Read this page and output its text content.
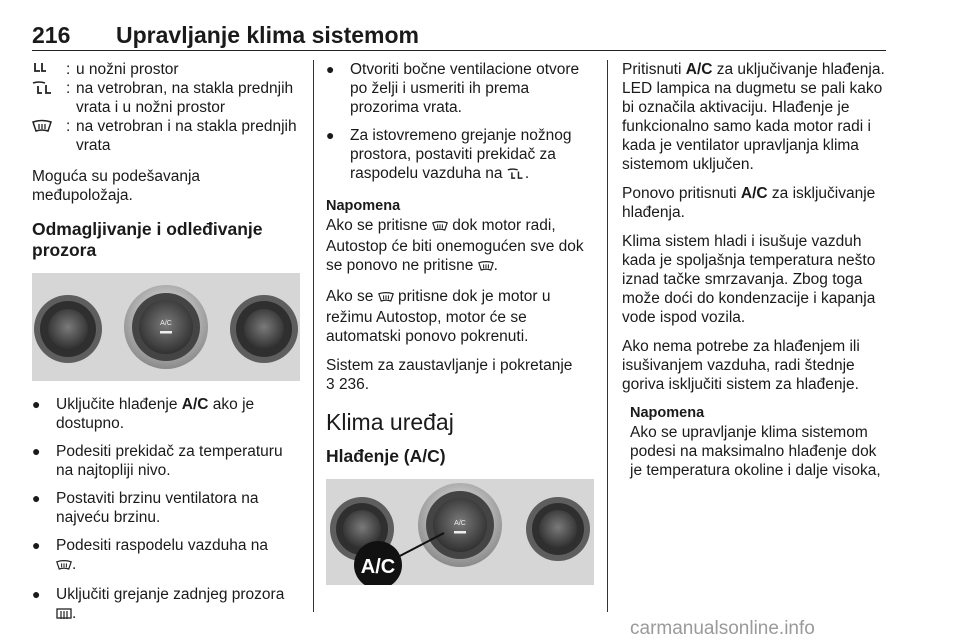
216 Upravljanje klima sistemom
: u nožni prostor
: na vetrobran, na stakla prednjih vrata i u nožni prostor
: na vetrobran i na stakla prednjih vrata

Moguća su podešavanja međupoložaja.

Odmagljivanje i odleđivanje prozora
A/C
●	Uključite hlađenje A/C ako je dostupno.
●	Podesiti prekidač za temperaturu na najtopliji nivo.
●	Postaviti brzinu ventilatora na najveću brzinu.
●	Podesiti raspodelu vazduha na
.
●	Uključiti grejanje zadnjeg prozora .
●	Otvoriti bočne ventilacione otvore po želji i usmeriti ih prema prozorima vrata.
●	Za istovremeno grejanje nožnog prostora, postaviti prekidač za raspodelu vazduha na .

Napomena

Ako se pritisne dok motor radi, Autostop će biti onemogućen sve dok se ponovo ne pritisne .

Ako se pritisne dok je motor u režimu Autostop, motor će se automatski ponovo pokrenuti.

Sistem za zaustavljanje i pokretanje
3 236.

Klima uređaj
Hlađenje (A/C)
A/C
A/C

Pritisnuti A/C za uključivanje hlađenja. LED lampica na dugmetu se pali kako bi označila aktivaciju. Hlađenje je funkcionalno samo kada motor radi i kada je ventilator upravljanja klima sistemom uključen.

Ponovo pritisnuti A/C za isključivanje hlađenja.

Klima sistem hladi i isušuje vazduh kada je spoljašnja temperatura nešto iznad tačke smrzavanja. Zbog toga može doći do kondenzacije i kapanja vode ispod vozila.

Ako nema potrebe za hlađenjem ili isušivanjem vazduha, radi štednje goriva isključiti sistem za hlađenje.

Napomena

Ako se upravljanje klima sistemom podesi na maksimalno hlađenje dok je temperatura okoline i dalje visoka,

carmanualsonline.info
